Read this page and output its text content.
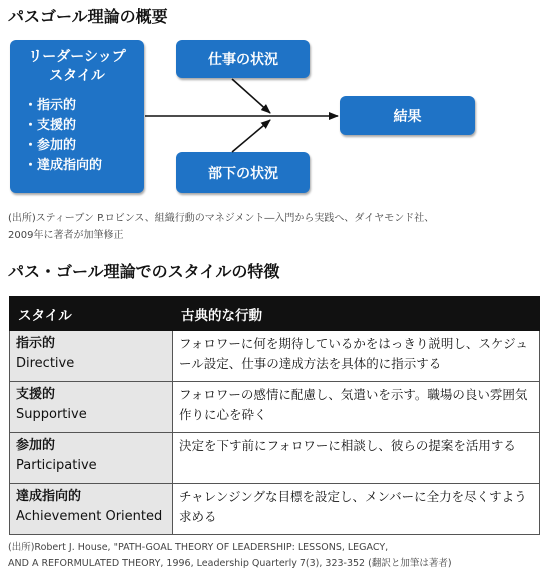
パスゴール理論の概要
リーダーシップ
スタイル
・ 指示的
・ 支援的
・ 参加的
・ 達成指向的
仕事の状況
部下の状況
結果
(出所)スティーブン P.ロビンス、組織行動のマネジメント―入門から実践へ、ダイヤモンド社、
2009年に著者が加筆修正
パス・ゴール理論でのスタイルの特徴
スタイル	古典的な行動

指示的
Directive	フォロワーに何を期待しているかをはっきり説明し、スケジュール設定、仕事の達成方法を具体的に指示する

支援的
Supportive	フォロワーの感情に配慮し、気遣いを示す。職場の良い雰囲気作りに心を砕く

参加的
Participative	決定を下す前にフォロワーに相談し、彼らの提案を活用する

達成指向的
Achievement Oriented	チャレンジングな目標を設定し、メンバーに全力を尽くすよう求める
(出所)Robert J. House, "PATH-GOAL THEORY OF LEADERSHIP: LESSONS, LEGACY,
AND A REFORMULATED THEORY, 1996, Leadership Quarterly 7(3), 323-352 (翻訳と加筆は著者)
